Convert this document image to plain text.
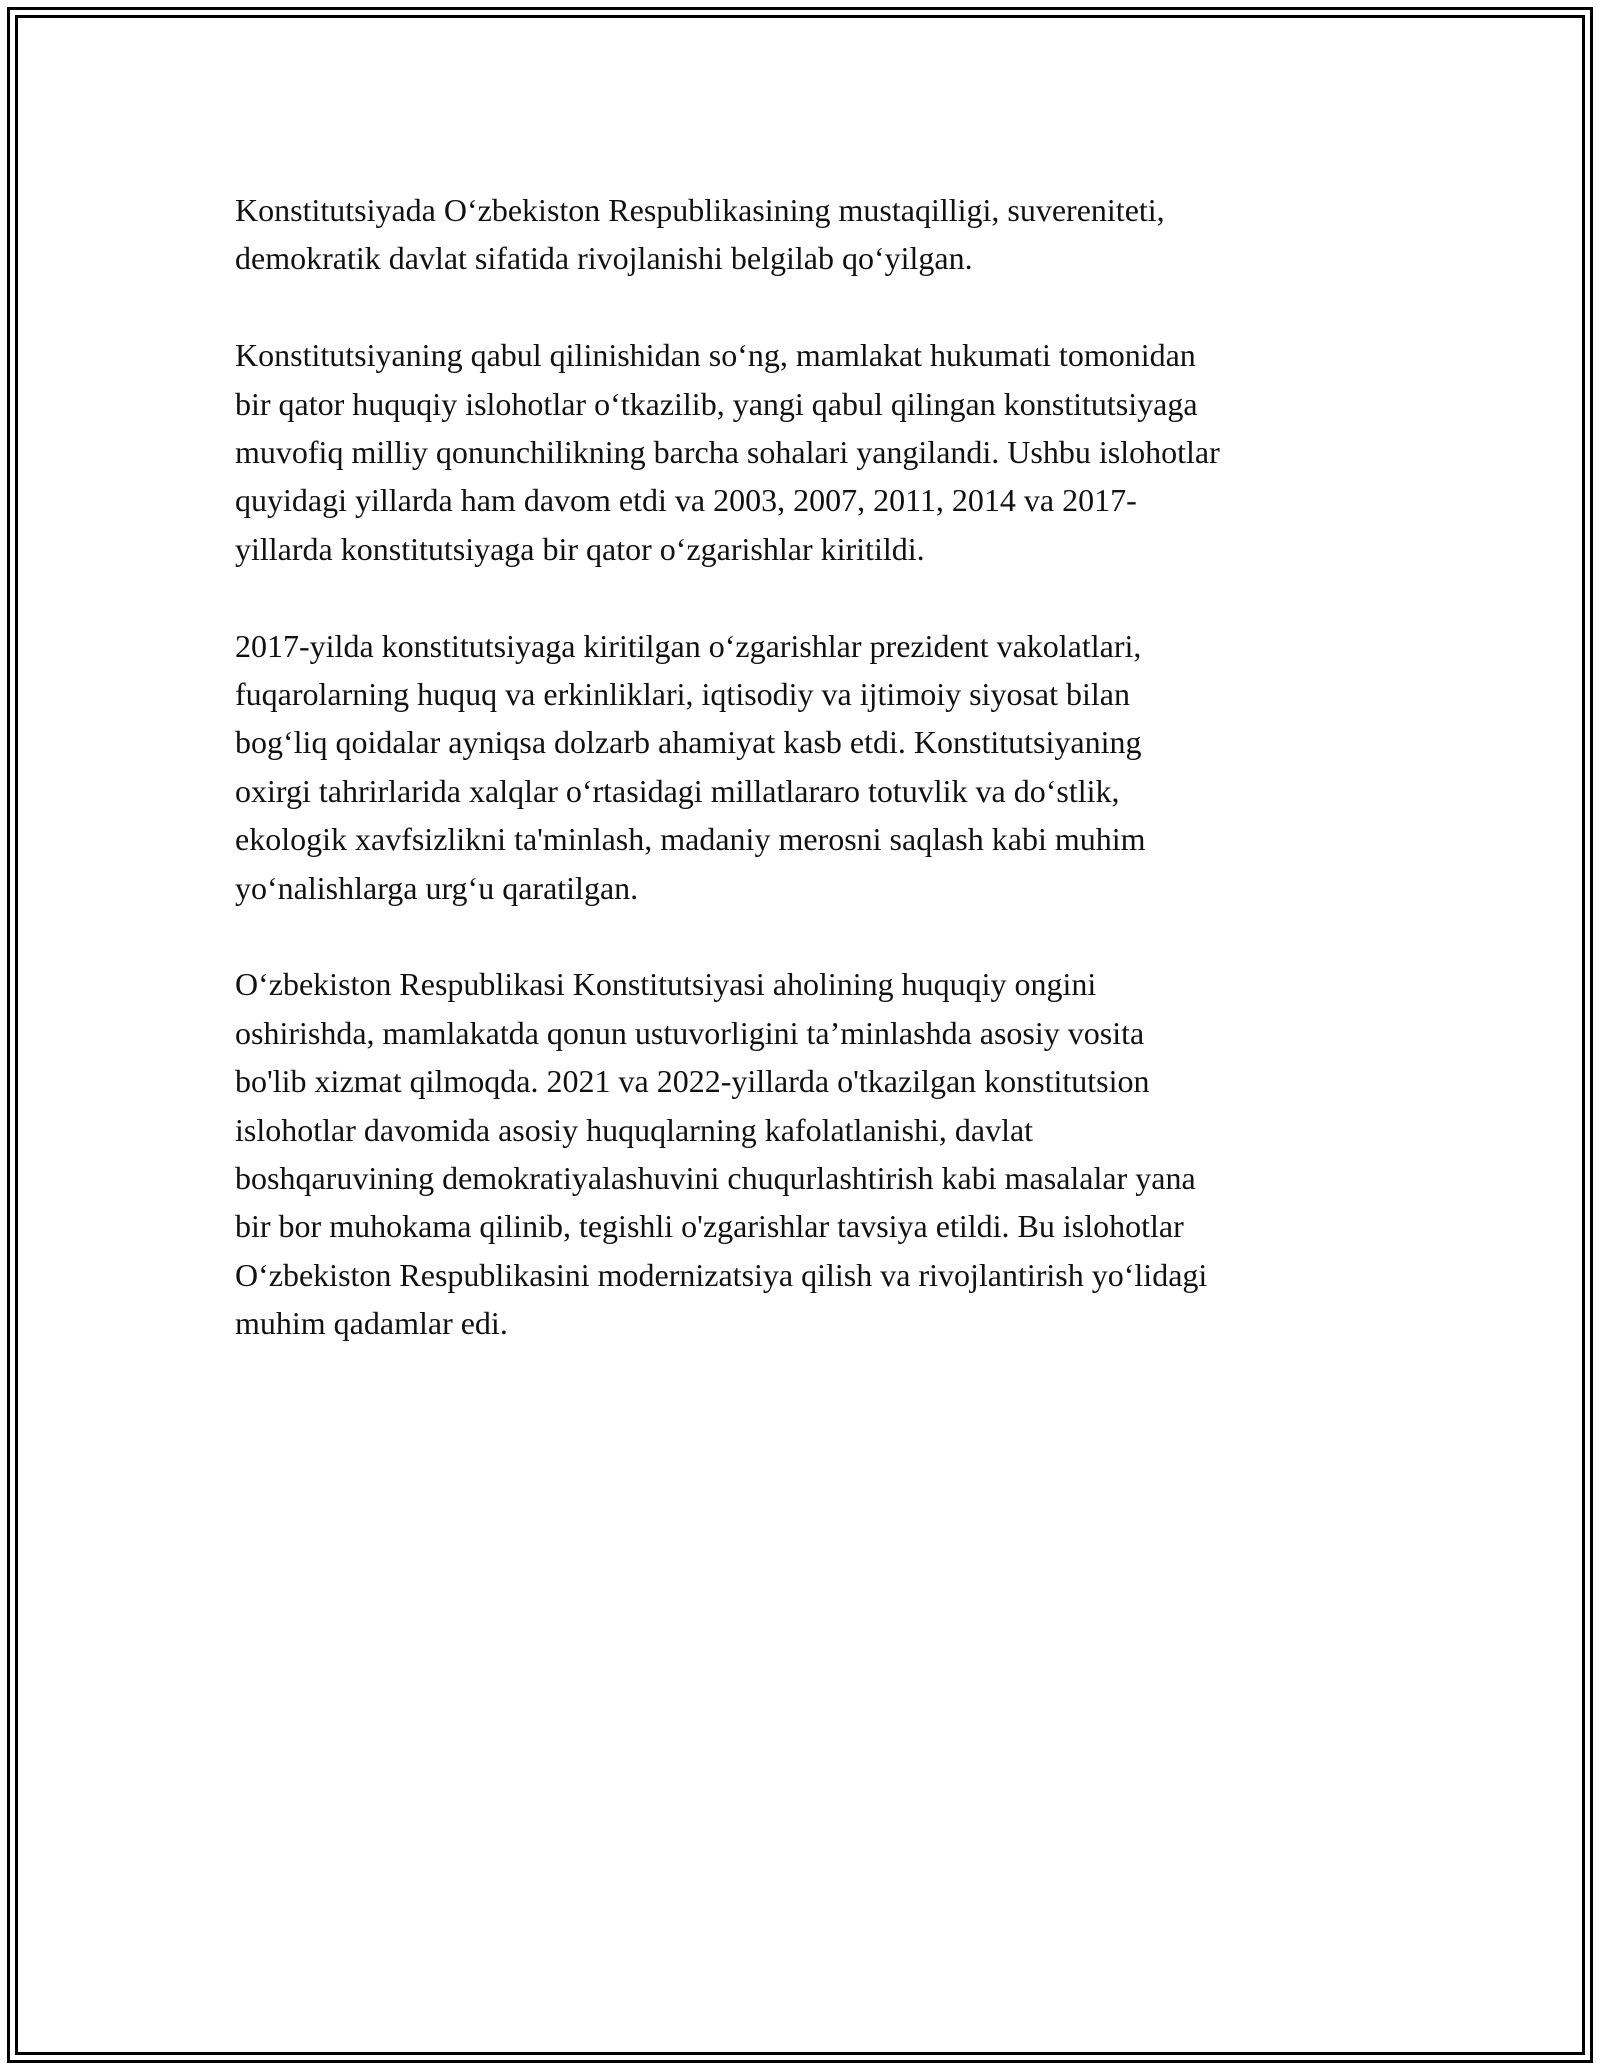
Konstitutsiyada O‘zbekiston Respublikasining mustaqilligi, suvereniteti,
demokratik davlat sifatida rivojlanishi belgilab qo‘yilgan.

Konstitutsiyaning qabul qilinishidan so‘ng, mamlakat hukumati tomonidan
bir qator huquqiy islohotlar o‘tkazilib, yangi qabul qilingan konstitutsiyaga
muvofiq milliy qonunchilikning barcha sohalari yangilandi. Ushbu islohotlar
quyidagi yillarda ham davom etdi va 2003, 2007, 2011, 2014 va 2017-
yillarda konstitutsiyaga bir qator o‘zgarishlar kiritildi.

2017-yilda konstitutsiyaga kiritilgan o‘zgarishlar prezident vakolatlari,
fuqarolarning huquq va erkinliklari, iqtisodiy va ijtimoiy siyosat bilan
bog‘liq qoidalar ayniqsa dolzarb ahamiyat kasb etdi. Konstitutsiyaning
oxirgi tahrirlarida xalqlar o‘rtasidagi millatlararo totuvlik va do‘stlik,
ekologik xavfsizlikni ta'minlash, madaniy merosni saqlash kabi muhim
yo‘nalishlarga urg‘u qaratilgan.

O‘zbekiston Respublikasi Konstitutsiyasi aholining huquqiy ongini
oshirishda, mamlakatda qonun ustuvorligini ta’minlashda asosiy vosita
bo'lib xizmat qilmoqda. 2021 va 2022-yillarda o'tkazilgan konstitutsion
islohotlar davomida asosiy huquqlarning kafolatlanishi, davlat
boshqaruvining demokratiyalashuvini chuqurlashtirish kabi masalalar yana
bir bor muhokama qilinib, tegishli o'zgarishlar tavsiya etildi. Bu islohotlar
O‘zbekiston Respublikasini modernizatsiya qilish va rivojlantirish yo‘lidagi
muhim qadamlar edi.
